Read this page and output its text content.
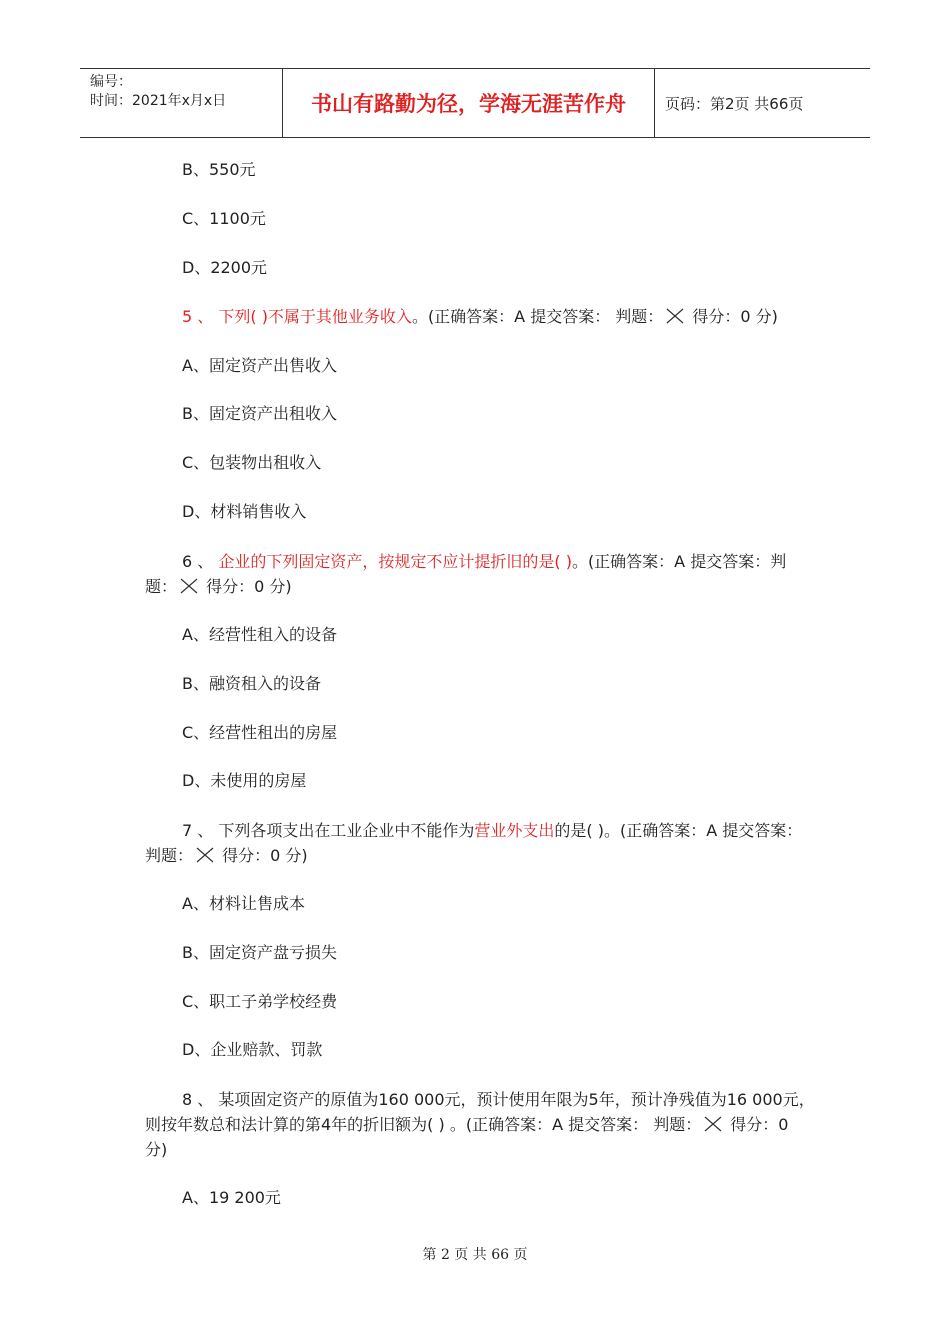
编号：
时间：2021年x月x日	书山有路勤为径，学海无涯苦作舟	页码：第2页 共66页
B、550元
C、1100元
D、2200元
5 、 下列( )不属于其他业务收入。(正确答案：A 提交答案： 判题： 得分：0 分)
A、固定资产出售收入
B、固定资产出租收入
C、包装物出租收入
D、材料销售收入
6 、 企业的下列固定资产，按规定不应计提折旧的是( )。(正确答案：A 提交答案：判题： 得分：0 分)
A、经营性租入的设备
B、融资租入的设备
C、经营性租出的房屋
D、未使用的房屋
7 、 下列各项支出在工业企业中不能作为营业外支出的是( )。(正确答案：A 提交答案： 判题： 得分：0 分)
A、材料让售成本
B、固定资产盘亏损失
C、职工子弟学校经费
D、企业赔款、罚款
8 、 某项固定资产的原值为160 000元，预计使用年限为5年，预计净残值为16 000元，则按年数总和法计算的第4年的折旧额为( ) 。(正确答案：A 提交答案： 判题： 得分：0 分)
A、19 200元
第 2 页 共 66 页
